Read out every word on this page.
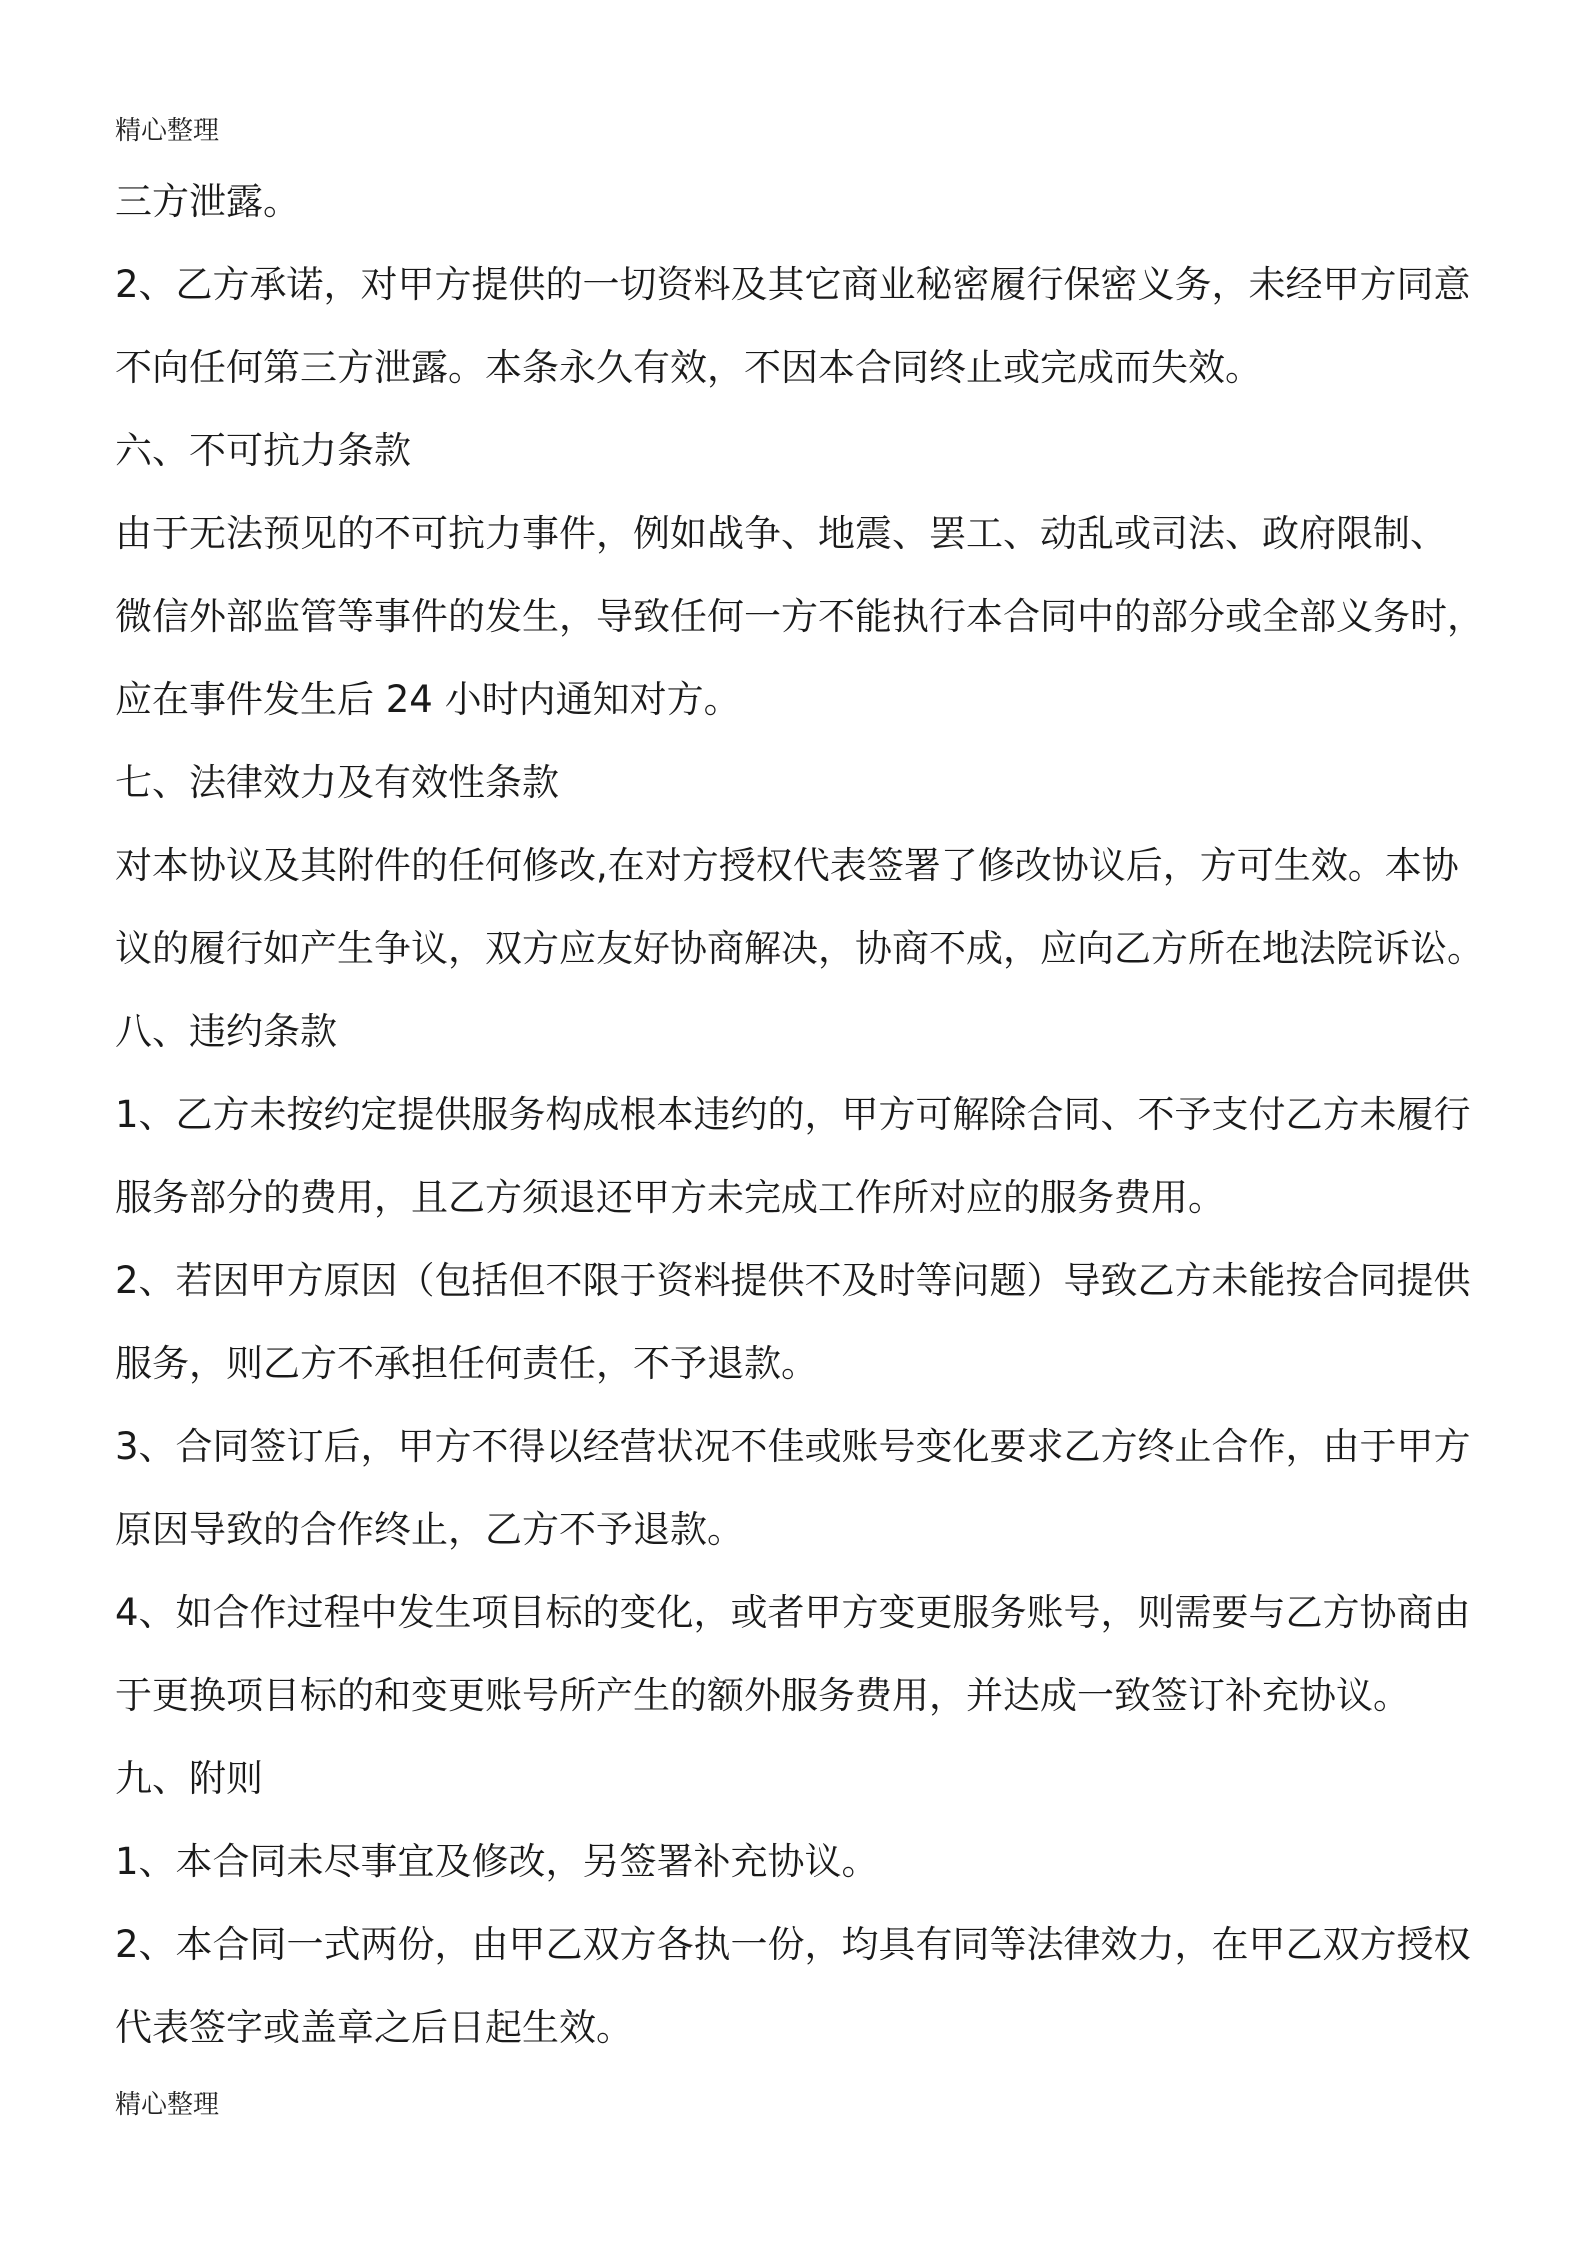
精心整理
三方泄露。
2、乙方承诺，对甲方提供的一切资料及其它商业秘密履行保密义务，未经甲方同意
不向任何第三方泄露。本条永久有效，不因本合同终止或完成而失效。
六、不可抗力条款
由于无法预见的不可抗力事件，例如战争、地震、罢工、动乱或司法、政府限制、
微信外部监管等事件的发生，导致任何一方不能执行本合同中的部分或全部义务时，
应在事件发生后 24 小时内通知对方。
七、法律效力及有效性条款
对本协议及其附件的任何修改,在对方授权代表签署了修改协议后，方可生效。本协
议的履行如产生争议，双方应友好协商解决，协商不成，应向乙方所在地法院诉讼。
八、违约条款
1、乙方未按约定提供服务构成根本违约的，甲方可解除合同、不予支付乙方未履行
服务部分的费用，且乙方须退还甲方未完成工作所对应的服务费用。
2、若因甲方原因（包括但不限于资料提供不及时等问题）导致乙方未能按合同提供
服务，则乙方不承担任何责任，不予退款。
3、合同签订后，甲方不得以经营状况不佳或账号变化要求乙方终止合作，由于甲方
原因导致的合作终止，乙方不予退款。
4、如合作过程中发生项目标的变化，或者甲方变更服务账号，则需要与乙方协商由
于更换项目标的和变更账号所产生的额外服务费用，并达成一致签订补充协议。
九、附则
1、本合同未尽事宜及修改，另签署补充协议。
2、本合同一式两份，由甲乙双方各执一份，均具有同等法律效力，在甲乙双方授权
代表签字或盖章之后日起生效。
精心整理
